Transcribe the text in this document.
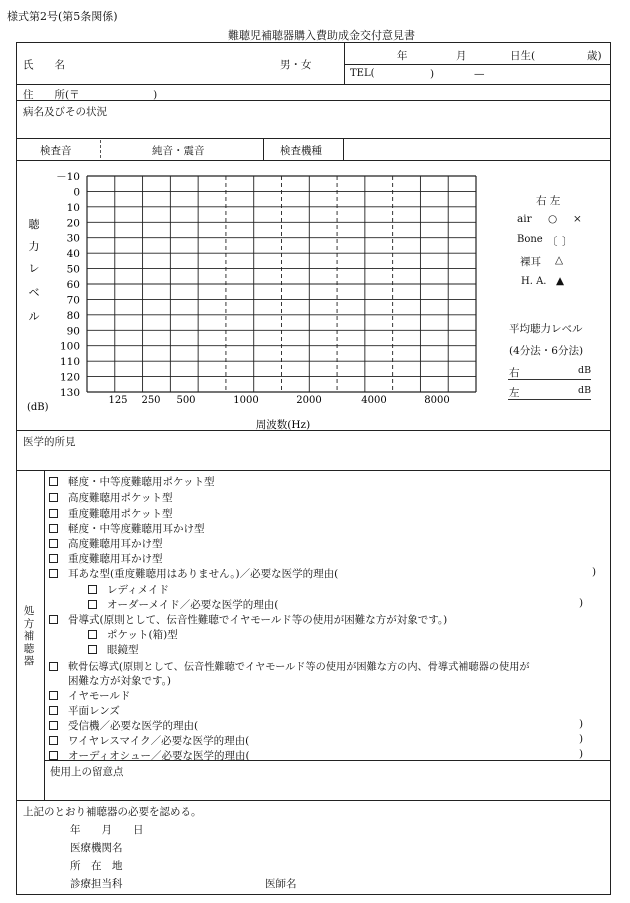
様式第2号(第5条関係)
難聴児補聴器購入費助成金交付意見書
氏　　名	男・女
年	月	日生(	歳)
TEL(	)	—
住　　所(〒　　　　　　　)
病名及びその状況
検査音	純音・震音	検査機種
－10
0
10
20
30
40
50
60
70
80
90
100
110
120
130
125 250 500	1000	2000	4000	8000
周波数(Hz)
聴
力
レ
ベ
ル
(dB)
右 左
air ○ ×
Bone 〔 〕
裸耳 △
H. A. ▲
平均聴力レベル
(4分法・6分法)
右	dB
左	dB
医学的所見
処方補聴器
軽度・中等度難聴用ポケット型
高度難聴用ポケット型
重度難聴用ポケット型
軽度・中等度難聴用耳かけ型
高度難聴用耳かけ型
重度難聴用耳かけ型
耳あな型(重度難聴用はありません。)／必要な医学的理由(	)
レディメイド
オーダーメイド／必要な医学的理由(	)
骨導式(原則として、伝音性難聴でイヤモールド等の使用が困難な方が対象です。)
ポケット(箱)型
眼鏡型
軟骨伝導式(原則として、伝音性難聴でイヤモールド等の使用が困難な方の内、骨導式補聴器の使用が
困難な方が対象です。)
イヤモールド
平面レンズ
受信機／必要な医学的理由(	)
ワイヤレスマイク／必要な医学的理由(	)
オーディオシュー／必要な医学的理由(	)
使用上の留意点
上記のとおり補聴器の必要を認める。
年　　月　　日
医療機関名
所　在　地
診療担当科	医師名
